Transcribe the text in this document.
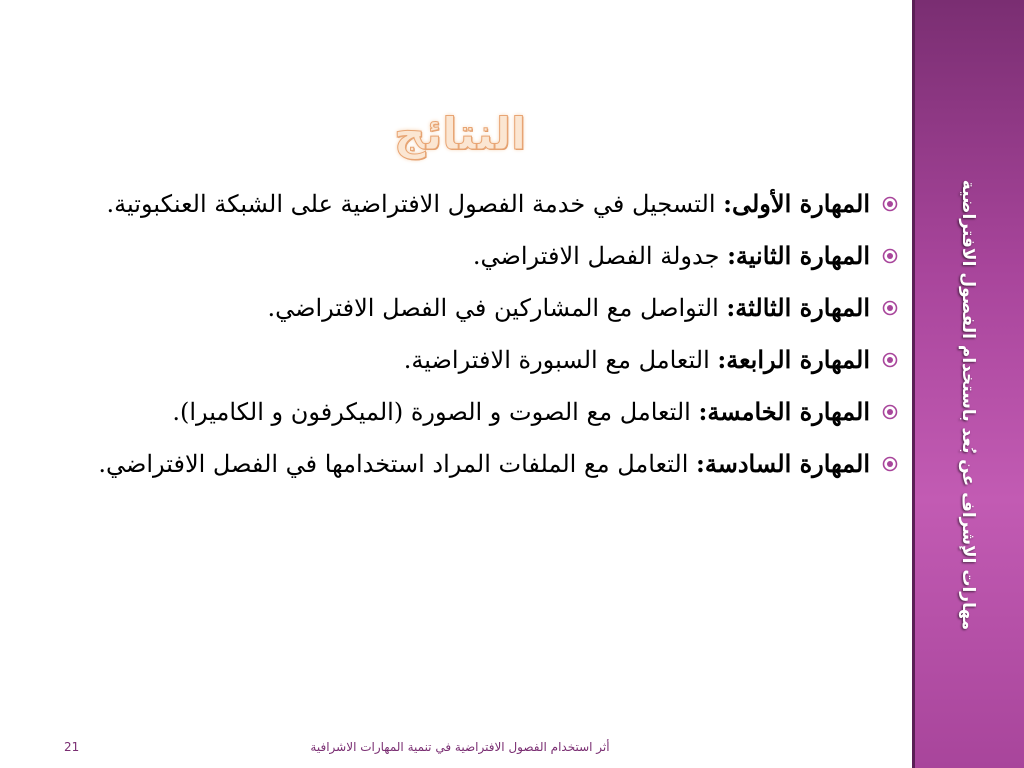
مهارات الإشراف عن بُعد باستخدام الفصول الافتراضية
النتائج
المهارة الأولى: التسجيل في خدمة الفصول الافتراضية على الشبكة العنكبوتية.
المهارة الثانية: جدولة الفصل الافتراضي.
المهارة الثالثة: التواصل مع المشاركين في الفصل الافتراضي.
المهارة الرابعة: التعامل مع السبورة الافتراضية.
المهارة الخامسة: التعامل مع الصوت و الصورة (الميكرفون و الكاميرا).
المهارة السادسة: التعامل مع الملفات المراد استخدامها في الفصل الافتراضي.
أثر استخدام الفصول الافتراضية في تنمية المهارات الاشرافية
21
